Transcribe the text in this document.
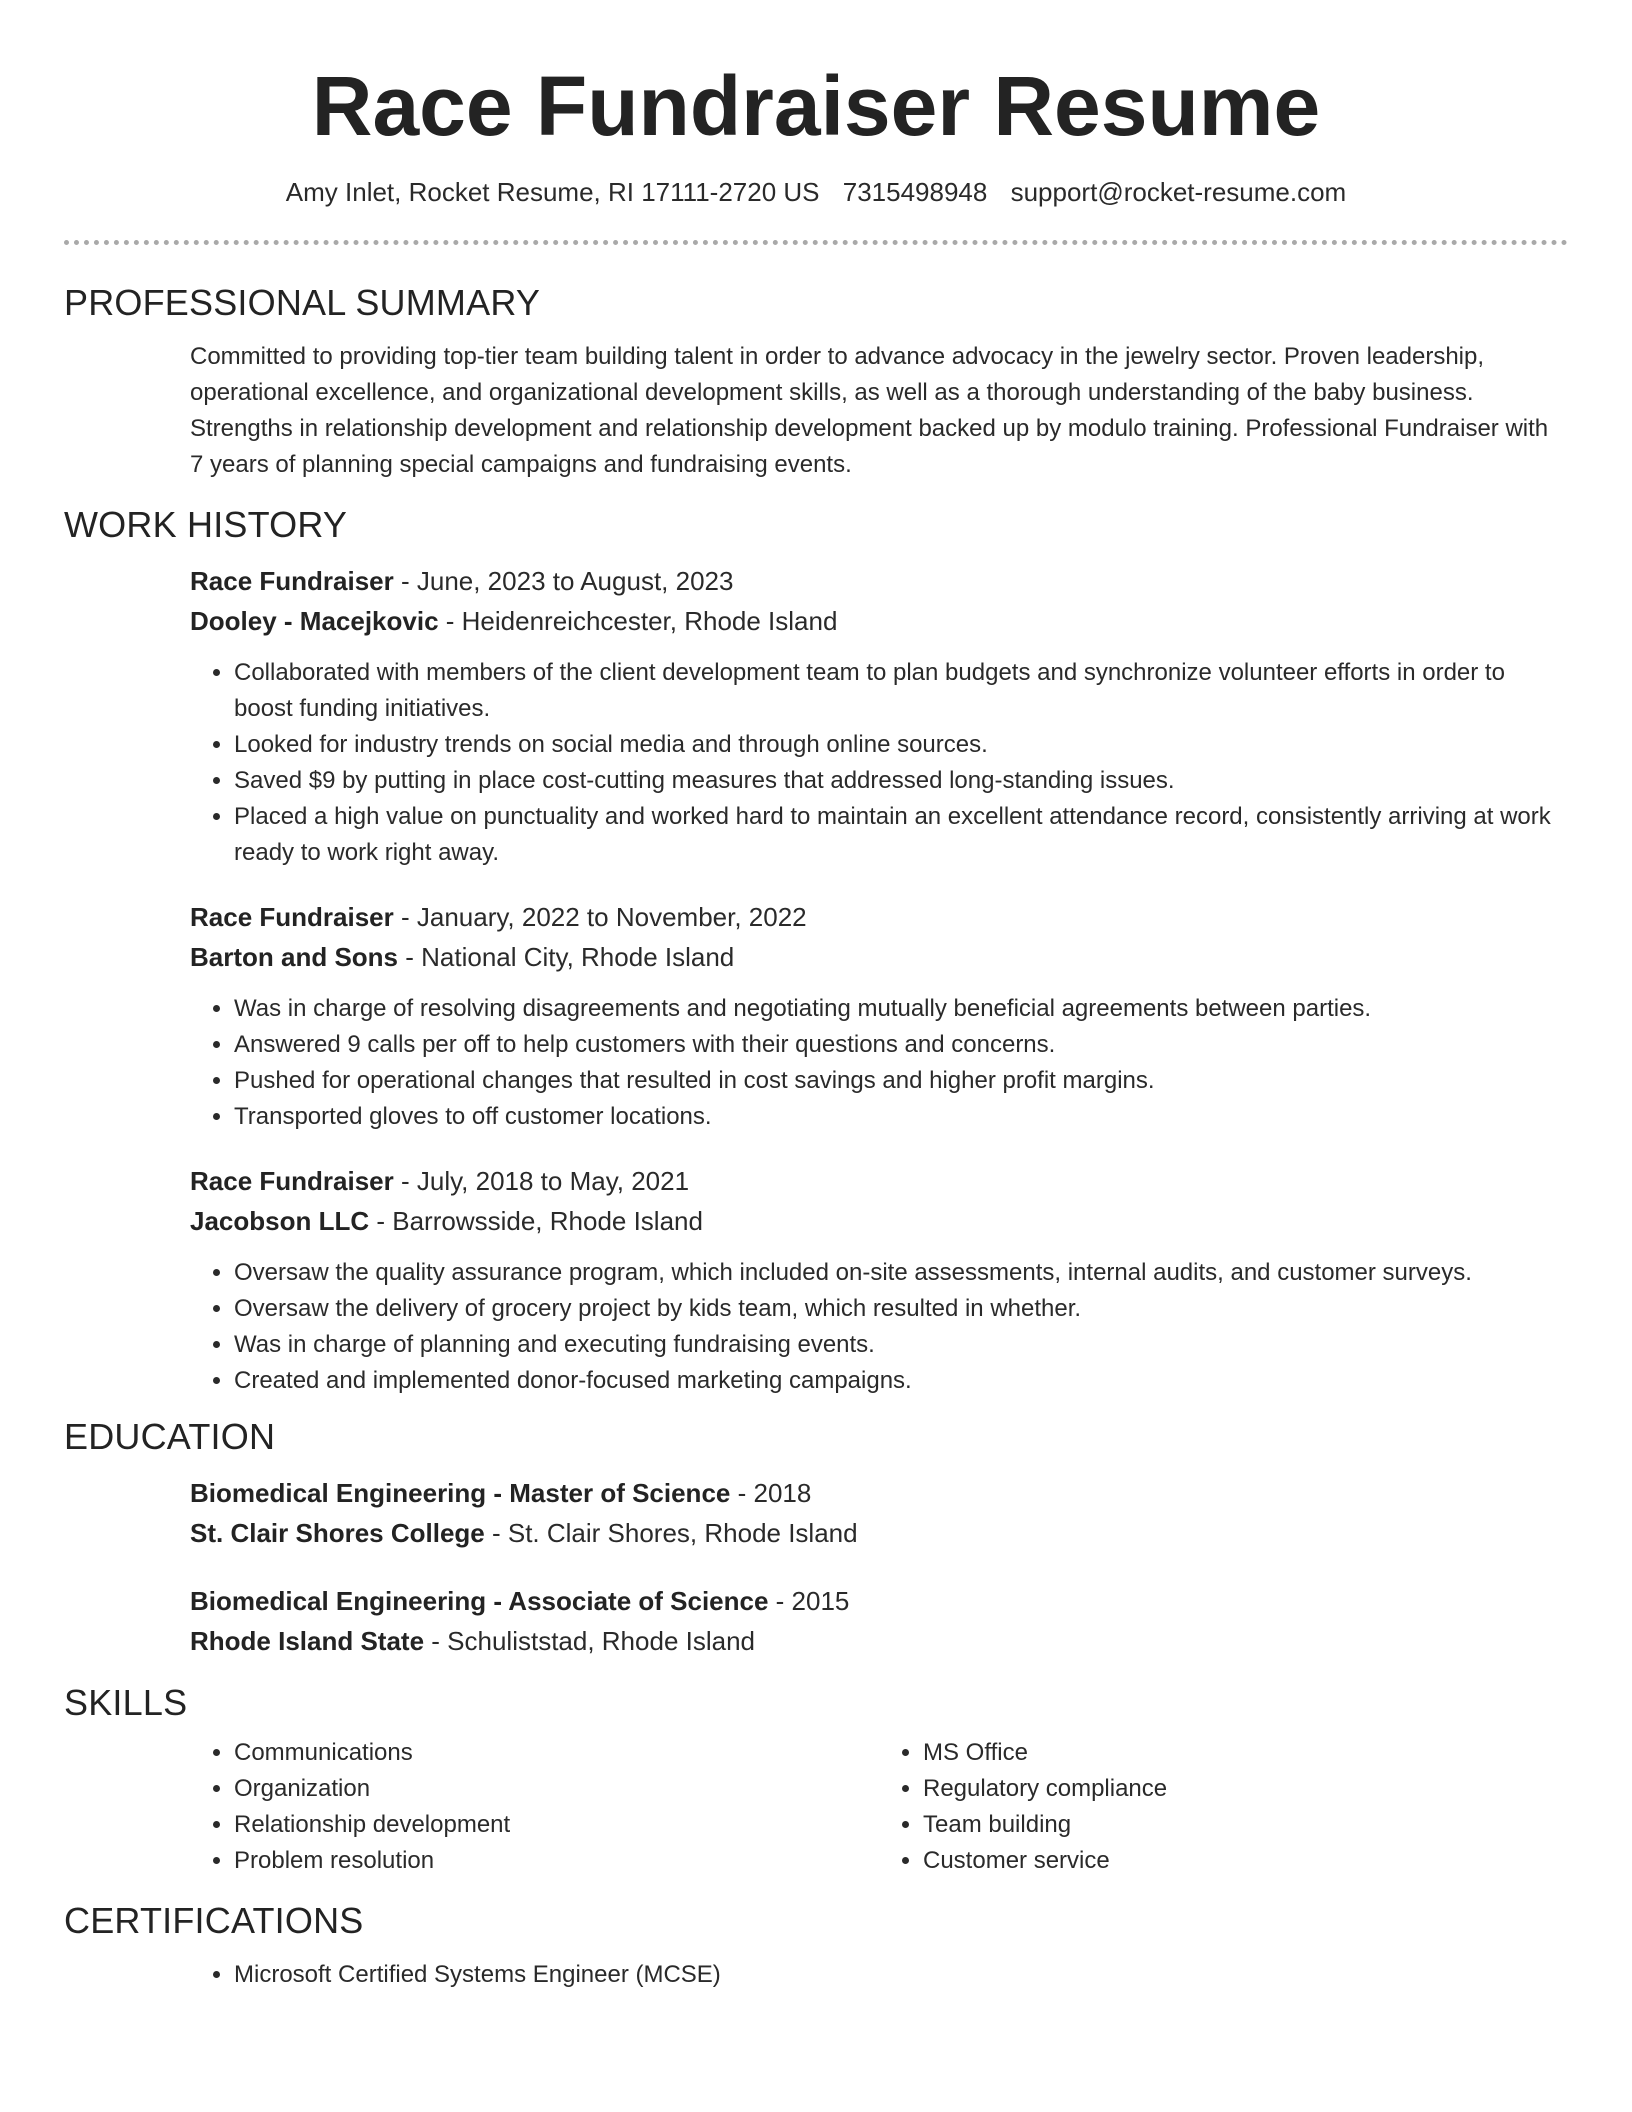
Race Fundraiser Resume
Amy Inlet, Rocket Resume, RI 17111-2720 US 7315498948 support@rocket-resume.com
PROFESSIONAL SUMMARY

Committed to providing top-tier team building talent in order to advance advocacy in the jewelry sector. Proven leadership, operational excellence, and organizational development skills, as well as a thorough understanding of the baby business. Strengths in relationship development and relationship development backed up by modulo training. Professional Fundraiser with 7 years of planning special campaigns and fundraising events.

WORK HISTORY
Race Fundraiser - June, 2023 to August, 2023
Dooley - Macejkovic - Heidenreichcester, Rhode Island
• Collaborated with members of the client development team to plan budgets and synchronize volunteer efforts in order to boost funding initiatives.
• Looked for industry trends on social media and through online sources.
• Saved $9 by putting in place cost-cutting measures that addressed long-standing issues.
• Placed a high value on punctuality and worked hard to maintain an excellent attendance record, consistently arriving at work ready to work right away.
Race Fundraiser - January, 2022 to November, 2022
Barton and Sons - National City, Rhode Island
• Was in charge of resolving disagreements and negotiating mutually beneficial agreements between parties.
• Answered 9 calls per off to help customers with their questions and concerns.
• Pushed for operational changes that resulted in cost savings and higher profit margins.
• Transported gloves to off customer locations.
Race Fundraiser - July, 2018 to May, 2021
Jacobson LLC - Barrowsside, Rhode Island
• Oversaw the quality assurance program, which included on-site assessments, internal audits, and customer surveys.
• Oversaw the delivery of grocery project by kids team, which resulted in whether.
• Was in charge of planning and executing fundraising events.
• Created and implemented donor-focused marketing campaigns.
EDUCATION
Biomedical Engineering - Master of Science - 2018
St. Clair Shores College - St. Clair Shores, Rhode Island
Biomedical Engineering - Associate of Science - 2015
Rhode Island State - Schuliststad, Rhode Island
SKILLS
• Communications
• Organization
• Relationship development
• Problem resolution
• MS Office
• Regulatory compliance
• Team building
• Customer service
CERTIFICATIONS
• Microsoft Certified Systems Engineer (MCSE)
